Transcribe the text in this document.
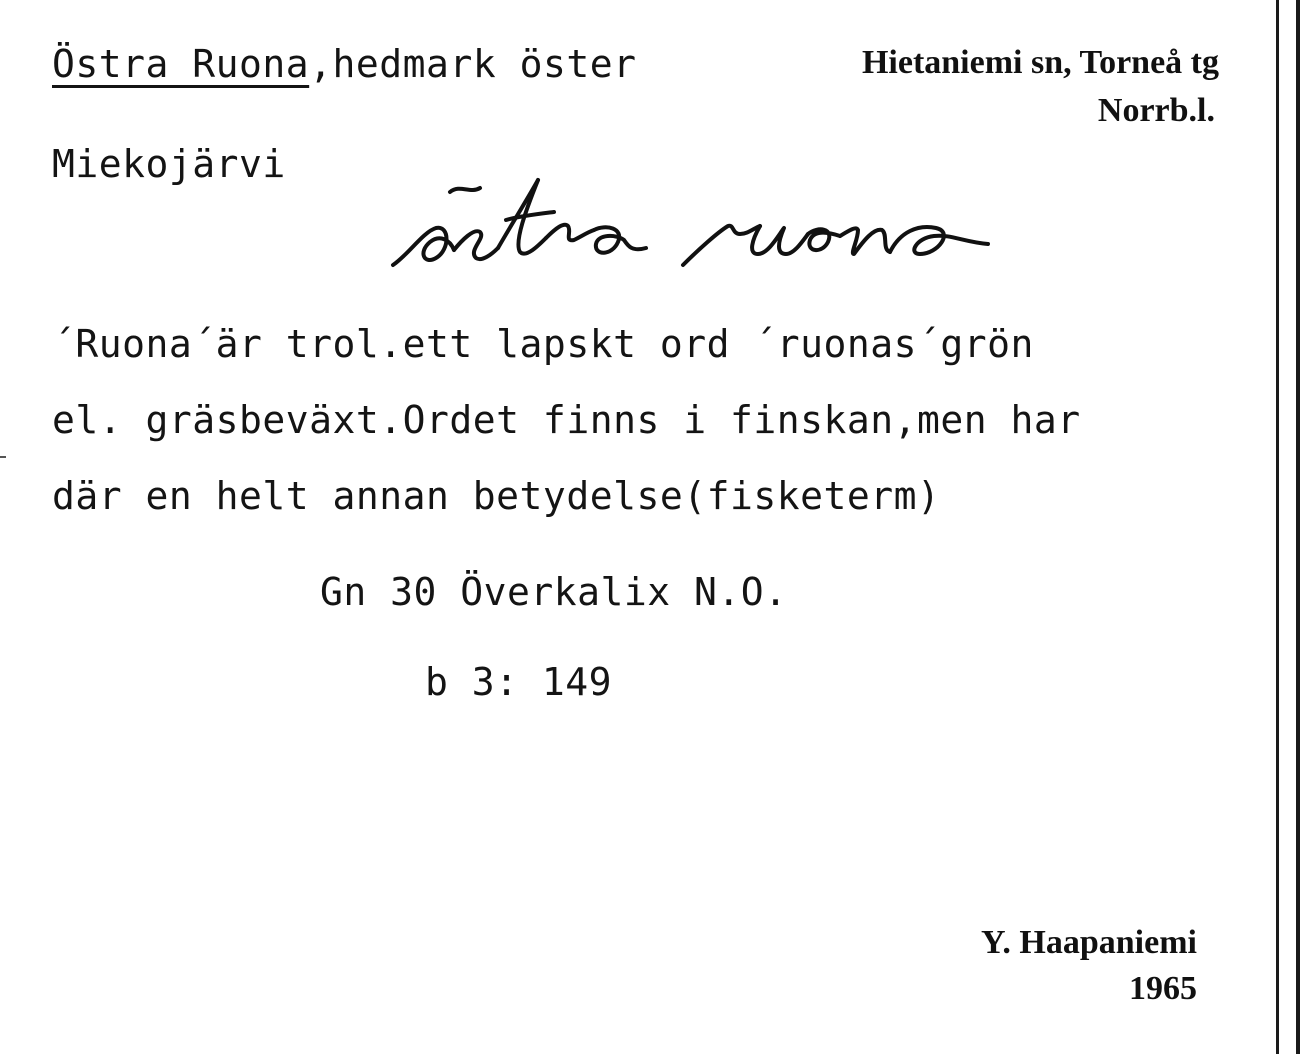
Östra Ruona,hedmark öster	Hietaniemi sn, Torneå tg
Norrb.l.
Miekojärvi
´Ruona´är trol.ett lapskt ord ´ruonas´grön
el. gräsbeväxt.Ordet finns i finskan,men har
där en helt annan betydelse(fisketerm)
Gn 30 Överkalix N.O.
b 3: 149
Y. Haapaniemi
1965
